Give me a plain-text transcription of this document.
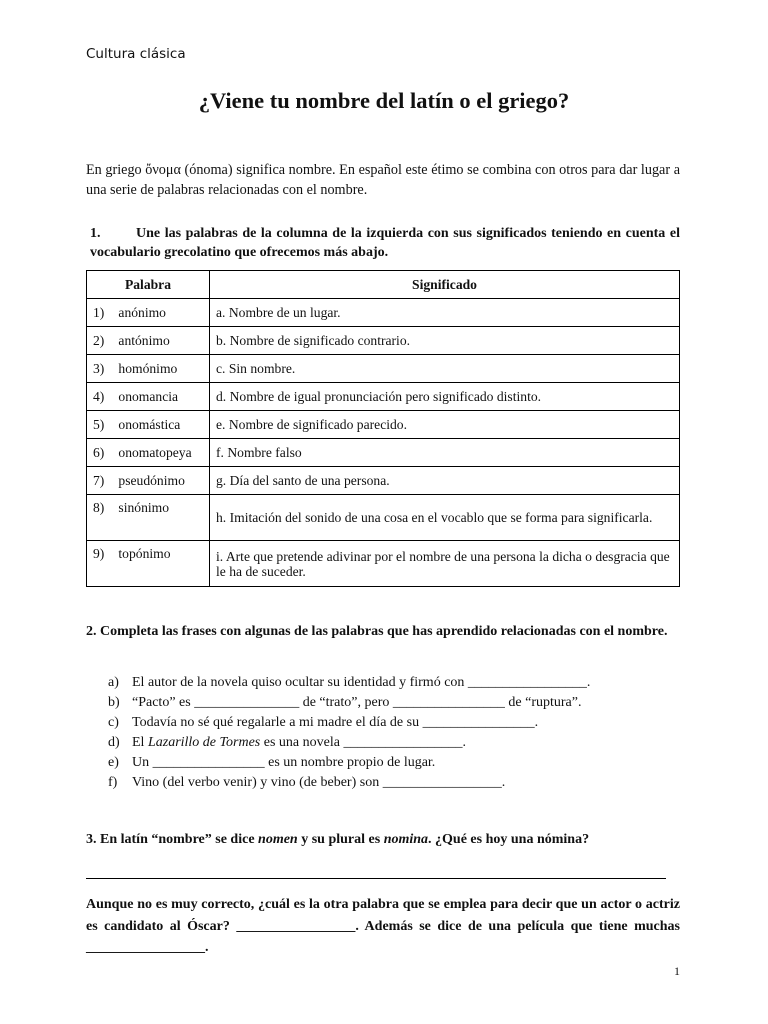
Cultura clásica
¿Viene tu nombre del latín o el griego?
En griego ὄνομα (ónoma) significa nombre. En español este étimo se combina con otros para dar lugar a una serie de palabras relacionadas con el nombre.
1.	Une las palabras de la columna de la izquierda con sus significados teniendo en cuenta el vocabulario grecolatino que ofrecemos más abajo.
Palabra	Significado
1) anónimo	a. Nombre de un lugar.
2) antónimo	b. Nombre de significado contrario.
3) homónimo	c. Sin nombre.
4) onomancia	d. Nombre de igual pronunciación pero significado distinto.
5) onomástica	e. Nombre de significado parecido.
6) onomatopeya	f. Nombre falso
7) pseudónimo	g. Día del santo de una persona.
8) sinónimo	h. Imitación del sonido de una cosa en el vocablo que se forma para significarla.
9) topónimo	i. Arte que pretende adivinar por el nombre de una persona la dicha o desgracia que le ha de suceder.
2. Completa las frases con algunas de las palabras que has aprendido relacionadas con el nombre.
a) El autor de la novela quiso ocultar su identidad y firmó con _________________.
b) “Pacto” es _______________ de “trato”, pero ________________ de “ruptura”.
c) Todavía no sé qué regalarle a mi madre el día de su ________________.
d) El Lazarillo de Tormes es una novela _________________.
e) Un ________________ es un nombre propio de lugar.
f) Vino (del verbo venir) y vino (de beber) son _________________.
3. En latín “nombre” se dice nomen y su plural es nomina. ¿Qué es hoy una nómina?
Aunque no es muy correcto, ¿cuál es la otra palabra que se emplea para decir que un actor o actriz es candidato al Óscar? _________________. Además se dice de una película que tiene muchas _________________.
1
